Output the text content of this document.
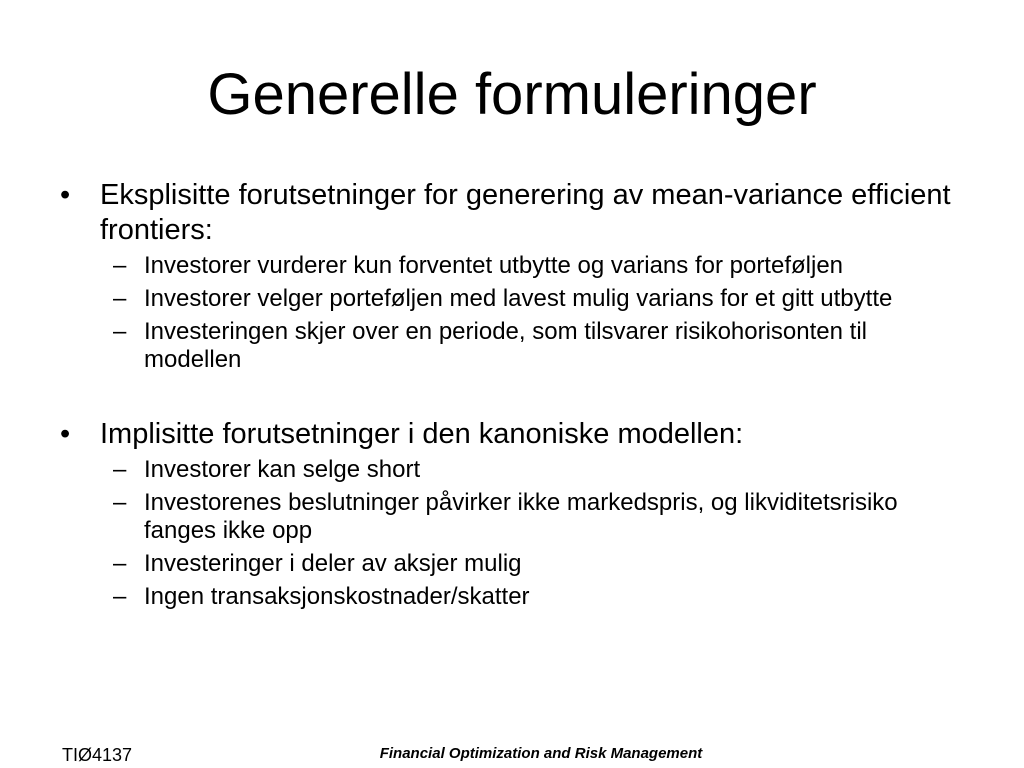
Generelle formuleringer

• Eksplisitte forutsetninger for generering av mean-variance efficient frontiers:

– Investorer vurderer kun forventet utbytte og varians for porteføljen

– Investorer velger porteføljen med lavest mulig varians for et gitt utbytte

– Investeringen skjer over en periode, som tilsvarer risikohorisonten til modellen

• Implisitte forutsetninger i den kanoniske modellen:

– Investorer kan selge short

– Investorenes beslutninger påvirker ikke markedspris, og likviditetsrisiko fanges ikke opp

– Investeringer i deler av aksjer mulig

– Ingen transaksjonskostnader/skatter

TIØ4137	Financial Optimization and Risk Management
